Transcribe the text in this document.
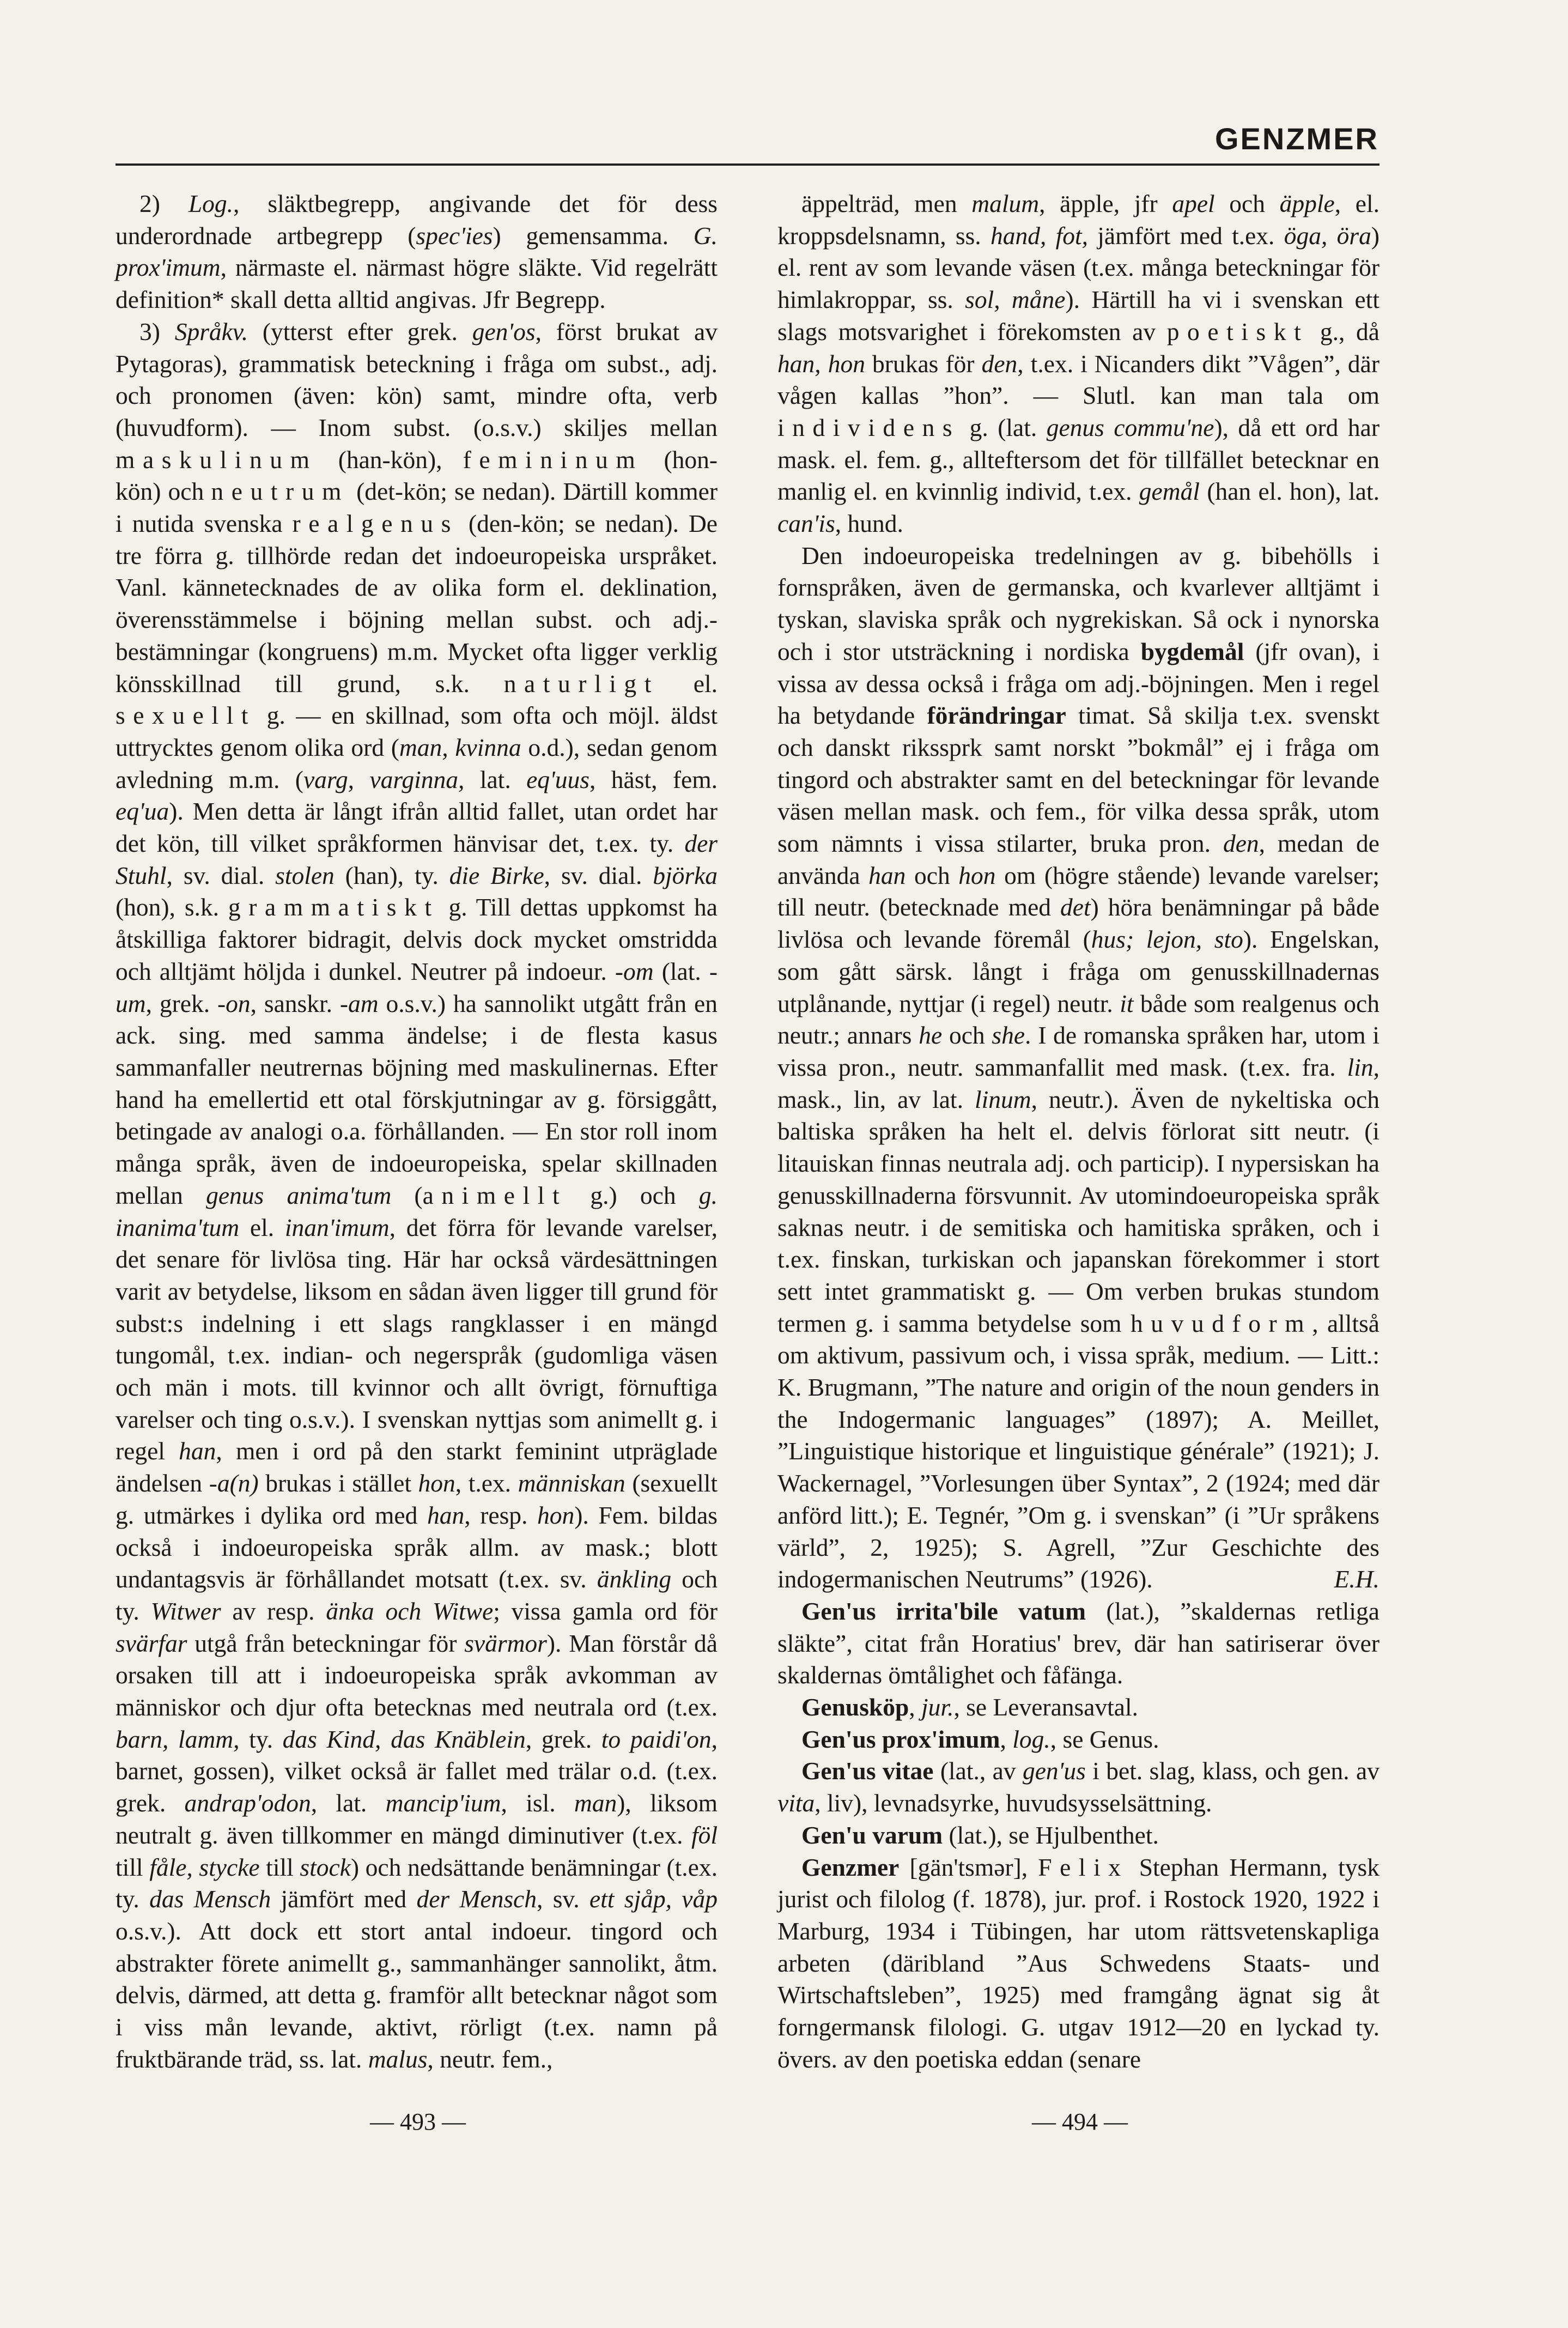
GENZMER

2) Log., släktbegrepp, angivande det för dess underordnade artbegrepp (spec'ies) gemensamma. G. prox'imum, närmaste el. närmast högre släkte. Vid regelrätt definition* skall detta alltid angivas. Jfr Begrepp.

3) Språkv. (ytterst efter grek. gen'os, först brukat av Pytagoras), grammatisk beteckning i fråga om subst., adj. och pronomen (även: kön) samt, mindre ofta, verb (huvudform). — Inom subst. (o.s.v.) skiljes mellan maskulinum (han-kön), femininum (hon-kön) och neutrum (det-kön; se nedan). Därtill kommer i nutida svenska realgenus (den-kön; se nedan). De tre förra g. tillhörde redan det indoeuropeiska urspråket. Vanl. kännetecknades de av olika form el. deklination, överensstämmelse i böjning mellan subst. och adj.-bestämningar (kongruens) m.m. Mycket ofta ligger verklig könsskillnad till grund, s.k. naturligt el. sexuellt g. — en skillnad, som ofta och möjl. äldst uttrycktes genom olika ord (man, kvinna o.d.), sedan genom avledning m.m. (varg, varginna, lat. eq'uus, häst, fem. eq'ua). Men detta är långt ifrån alltid fallet, utan ordet har det kön, till vilket språkformen hänvisar det, t.ex. ty. der Stuhl, sv. dial. stolen (han), ty. die Birke, sv. dial. björka (hon), s.k. grammatiskt g. Till dettas uppkomst ha åtskilliga faktorer bidragit, delvis dock mycket omstridda och alltjämt höljda i dunkel. Neutrer på indoeur. -om (lat. -um, grek. -on, sanskr. -am o.s.v.) ha sannolikt utgått från en ack. sing. med samma ändelse; i de flesta kasus sammanfaller neutrernas böjning med maskulinernas. Efter hand ha emellertid ett otal förskjutningar av g. försiggått, betingade av analogi o.a. förhållanden. — En stor roll inom många språk, även de indoeuropeiska, spelar skillnaden mellan genus anima'tum (animellt g.) och g. inanima'tum el. inan'imum, det förra för levande varelser, det senare för livlösa ting. Här har också värdesättningen varit av betydelse, liksom en sådan även ligger till grund för subst:s indelning i ett slags rangklasser i en mängd tungomål, t.ex. indian- och negerspråk (gudomliga väsen och män i mots. till kvinnor och allt övrigt, förnuftiga varelser och ting o.s.v.). I svenskan nyttjas som animellt g. i regel han, men i ord på den starkt feminint utpräglade ändelsen -a(n) brukas i stället hon, t.ex. människan (sexuellt g. utmärkes i dylika ord med han, resp. hon). Fem. bildas också i indoeuropeiska språk allm. av mask.; blott undantagsvis är förhållandet motsatt (t.ex. sv. änkling och ty. Witwer av resp. änka och Witwe; vissa gamla ord för svärfar utgå från beteckningar för svärmor). Man förstår då orsaken till att i indoeuropeiska språk avkomman av människor och djur ofta betecknas med neutrala ord (t.ex. barn, lamm, ty. das Kind, das Knäblein, grek. to paidi'on, barnet, gossen), vilket också är fallet med trälar o.d. (t.ex. grek. andrap'odon, lat. mancip'ium, isl. man), liksom neutralt g. även tillkommer en mängd diminutiver (t.ex. föl till fåle, stycke till stock) och nedsättande benämningar (t.ex. ty. das Mensch jämfört med der Mensch, sv. ett sjåp, våp o.s.v.). Att dock ett stort antal indoeur. tingord och abstrakter förete animellt g., sammanhänger sannolikt, åtm. delvis, därmed, att detta g. framför allt betecknar något som i viss mån levande, aktivt, rörligt (t.ex. namn på fruktbärande träd, ss. lat. malus, neutr. fem.,

äppelträd, men malum, äpple, jfr apel och äpple, el. kroppsdelsnamn, ss. hand, fot, jämfört med t.ex. öga, öra) el. rent av som levande väsen (t.ex. många beteckningar för himlakroppar, ss. sol, måne). Härtill ha vi i svenskan ett slags motsvarighet i förekomsten av poetiskt g., då han, hon brukas för den, t.ex. i Nicanders dikt ”Vågen”, där vågen kallas ”hon”. — Slutl. kan man tala om individens g. (lat. genus commu'ne), då ett ord har mask. el. fem. g., allteftersom det för tillfället betecknar en manlig el. en kvinnlig individ, t.ex. gemål (han el. hon), lat. can'is, hund.

Den indoeuropeiska tredelningen av g. bibehölls i fornspråken, även de germanska, och kvarlever alltjämt i tyskan, slaviska språk och nygrekiskan. Så ock i nynorska och i stor utsträckning i nordiska bygdemål (jfr ovan), i vissa av dessa också i fråga om adj.-böjningen. Men i regel ha betydande förändringar timat. Så skilja t.ex. svenskt och danskt rikssprk samt norskt ”bokmål” ej i fråga om tingord och abstrakter samt en del beteckningar för levande väsen mellan mask. och fem., för vilka dessa språk, utom som nämnts i vissa stilarter, bruka pron. den, medan de använda han och hon om (högre stående) levande varelser; till neutr. (betecknade med det) höra benämningar på både livlösa och levande föremål (hus; lejon, sto). Engelskan, som gått särsk. långt i fråga om genusskillnadernas utplånande, nyttjar (i regel) neutr. it både som realgenus och neutr.; annars he och she. I de romanska språken har, utom i vissa pron., neutr. sammanfallit med mask. (t.ex. fra. lin, mask., lin, av lat. linum, neutr.). Även de nykeltiska och baltiska språken ha helt el. delvis förlorat sitt neutr. (i litauiskan finnas neutrala adj. och particip). I nypersiskan ha genusskillnaderna försvunnit. Av utomindoeuropeiska språk saknas neutr. i de semitiska och hamitiska språken, och i t.ex. finskan, turkiskan och japanskan förekommer i stort sett intet grammatiskt g. — Om verben brukas stundom termen g. i samma betydelse som huvudform, alltså om aktivum, passivum och, i vissa språk, medium. — Litt.: K. Brugmann, ”The nature and origin of the noun genders in the Indogermanic languages” (1897); A. Meillet, ”Linguistique historique et linguistique générale” (1921); J. Wackernagel, ”Vorlesungen über Syntax”, 2 (1924; med där anförd litt.); E. Tegnér, ”Om g. i svenskan” (i ”Ur språkens värld”, 2, 1925); S. Agrell, ”Zur Geschichte des indogermanischen Neutrums” (1926).	E.H.

Gen'us irrita'bile vatum (lat.), ”skaldernas retliga släkte”, citat från Horatius' brev, där han satiriserar över skaldernas ömtålighet och fåfänga.

Genusköp, jur., se Leveransavtal.

Gen'us prox'imum, log., se Genus.

Gen'us vitae (lat., av gen'us i bet. slag, klass, och gen. av vita, liv), levnadsyrke, huvudsysselsättning.

Gen'u varum (lat.), se Hjulbenthet.

Genzmer [gän'tsmər], Felix Stephan Hermann, tysk jurist och filolog (f. 1878), jur. prof. i Rostock 1920, 1922 i Marburg, 1934 i Tübingen, har utom rättsvetenskapliga arbeten (däribland ”Aus Schwedens Staats- und Wirtschaftsleben”, 1925) med framgång ägnat sig åt forngermansk filologi. G. utgav 1912—20 en lyckad ty. övers. av den poetiska eddan (senare

— 493 —	— 494 —
